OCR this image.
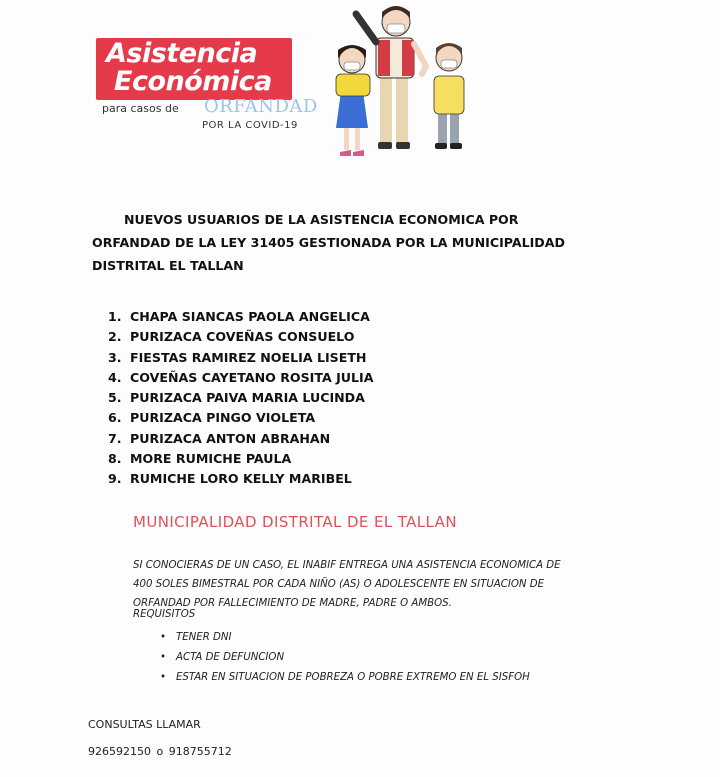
Asistencia
Económica
para casos de ORFANDAD
POR LA COVID-19
NUEVOS USUARIOS DE LA ASISTENCIA ECONOMICA POR
ORFANDAD DE LA LEY 31405 GESTIONADA POR LA MUNICIPALIDAD
DISTRITAL EL TALLAN
1. CHAPA SIANCAS PAOLA ANGELICA
2. PURIZACA COVEÑAS CONSUELO
3. FIESTAS RAMIREZ NOELIA LISETH
4. COVEÑAS CAYETANO ROSITA JULIA
5. PURIZACA PAIVA MARIA LUCINDA
6. PURIZACA PINGO VIOLETA
7. PURIZACA ANTON ABRAHAN
8. MORE RUMICHE PAULA
9. RUMICHE LORO KELLY MARIBEL
MUNICIPALIDAD DISTRITAL DE EL TALLAN
SI CONOCIERAS DE UN CASO, EL INABIF ENTREGA UNA ASISTENCIA ECONOMICA DE
400 SOLES BIMESTRAL POR CADA NIÑO (AS) O ADOLESCENTE EN SITUACION DE
ORFANDAD POR FALLECIMIENTO DE MADRE, PADRE O AMBOS.
REQUISITOS
• TENER DNI
• ACTA DE DEFUNCION
• ESTAR EN SITUACION DE POBREZA O POBRE EXTREMO EN EL SISFOH
CONSULTAS LLAMAR
926592150 o 918755712
